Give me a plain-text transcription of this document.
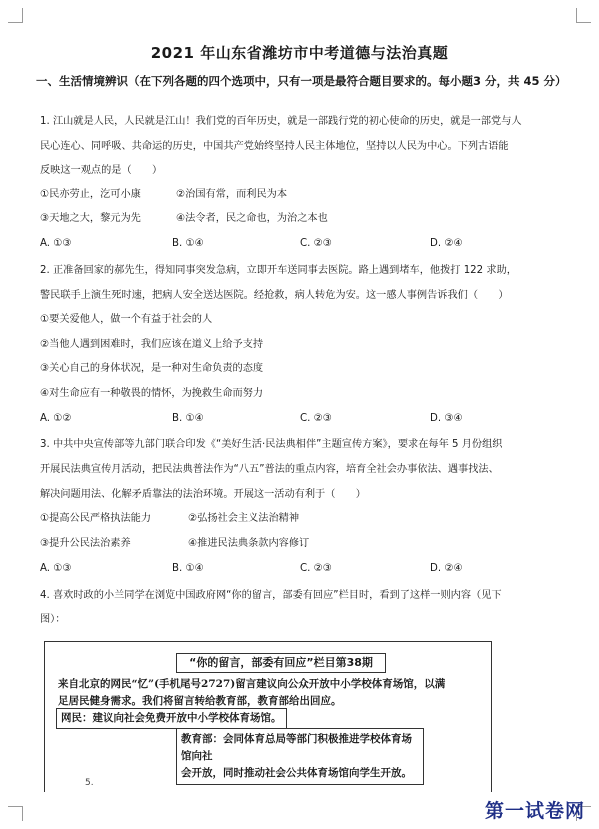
2021 年山东省潍坊市中考道德与法治真题
一、生活情境辨识（在下列各题的四个选项中，只有一项是最符合题目要求的。每小题3 分，共 45 分）
1. 江山就是人民，人民就是江山！我们党的百年历史，就是一部践行党的初心使命的历史，就是一部党与人
民心连心、同呼吸、共命运的历史，中国共产党始终坚持人民主体地位，坚持以人民为中心。下列古语能
反映这一观点的是（　　）
①民亦劳止，汔可小康	②治国有常，而利民为本
③天地之大，黎元为先	④法令者，民之命也，为治之本也
A. ①③	B. ①④	C. ②③	D. ②④
2. 正准备回家的郝先生，得知同事突发急病，立即开车送同事去医院。路上遇到堵车，他拨打 122 求助，
警民联手上演生死时速，把病人安全送达医院。经抢救，病人转危为安。这一感人事例告诉我们（　　）
①要关爱他人，做一个有益于社会的人
②当他人遇到困难时，我们应该在道义上给予支持
③关心自己的身体状况，是一种对生命负责的态度
④对生命应有一种敬畏的情怀，为挽救生命而努力
A. ①②	B. ①④	C. ②③	D. ③④
3. 中共中央宣传部等九部门联合印发《“美好生活·民法典相伴”主题宣传方案》，要求在每年 5 月份组织
开展民法典宣传月活动，把民法典普法作为“八五”普法的重点内容，培育全社会办事依法、遇事找法、
解决问题用法、化解矛盾靠法的法治环境。开展这一活动有利于（　　）
①提高公民严格执法能力	②弘扬社会主义法治精神
③提升公民法治素养	④推进民法典条款内容修订
A. ①③	B. ①④	C. ②③	D. ②④
4. 喜欢时政的小兰同学在浏览中国政府网“你的留言，部委有回应”栏目时，看到了这样一则内容（见下
图）：
“你的留言，部委有回应”栏目第38期
来自北京的网民“忆”(手机尾号2727)留言建议向公众开放中小学校体育场馆，以满
足居民健身需求。我们将留言转给教育部，教育部给出回应。
网民：建议向社会免费开放中小学校体育场馆。
教育部：会同体育总局等部门积极推进学校体育场馆向社
会开放，同时推动社会公共体育场馆向学生开放。
5.
第一试卷网
